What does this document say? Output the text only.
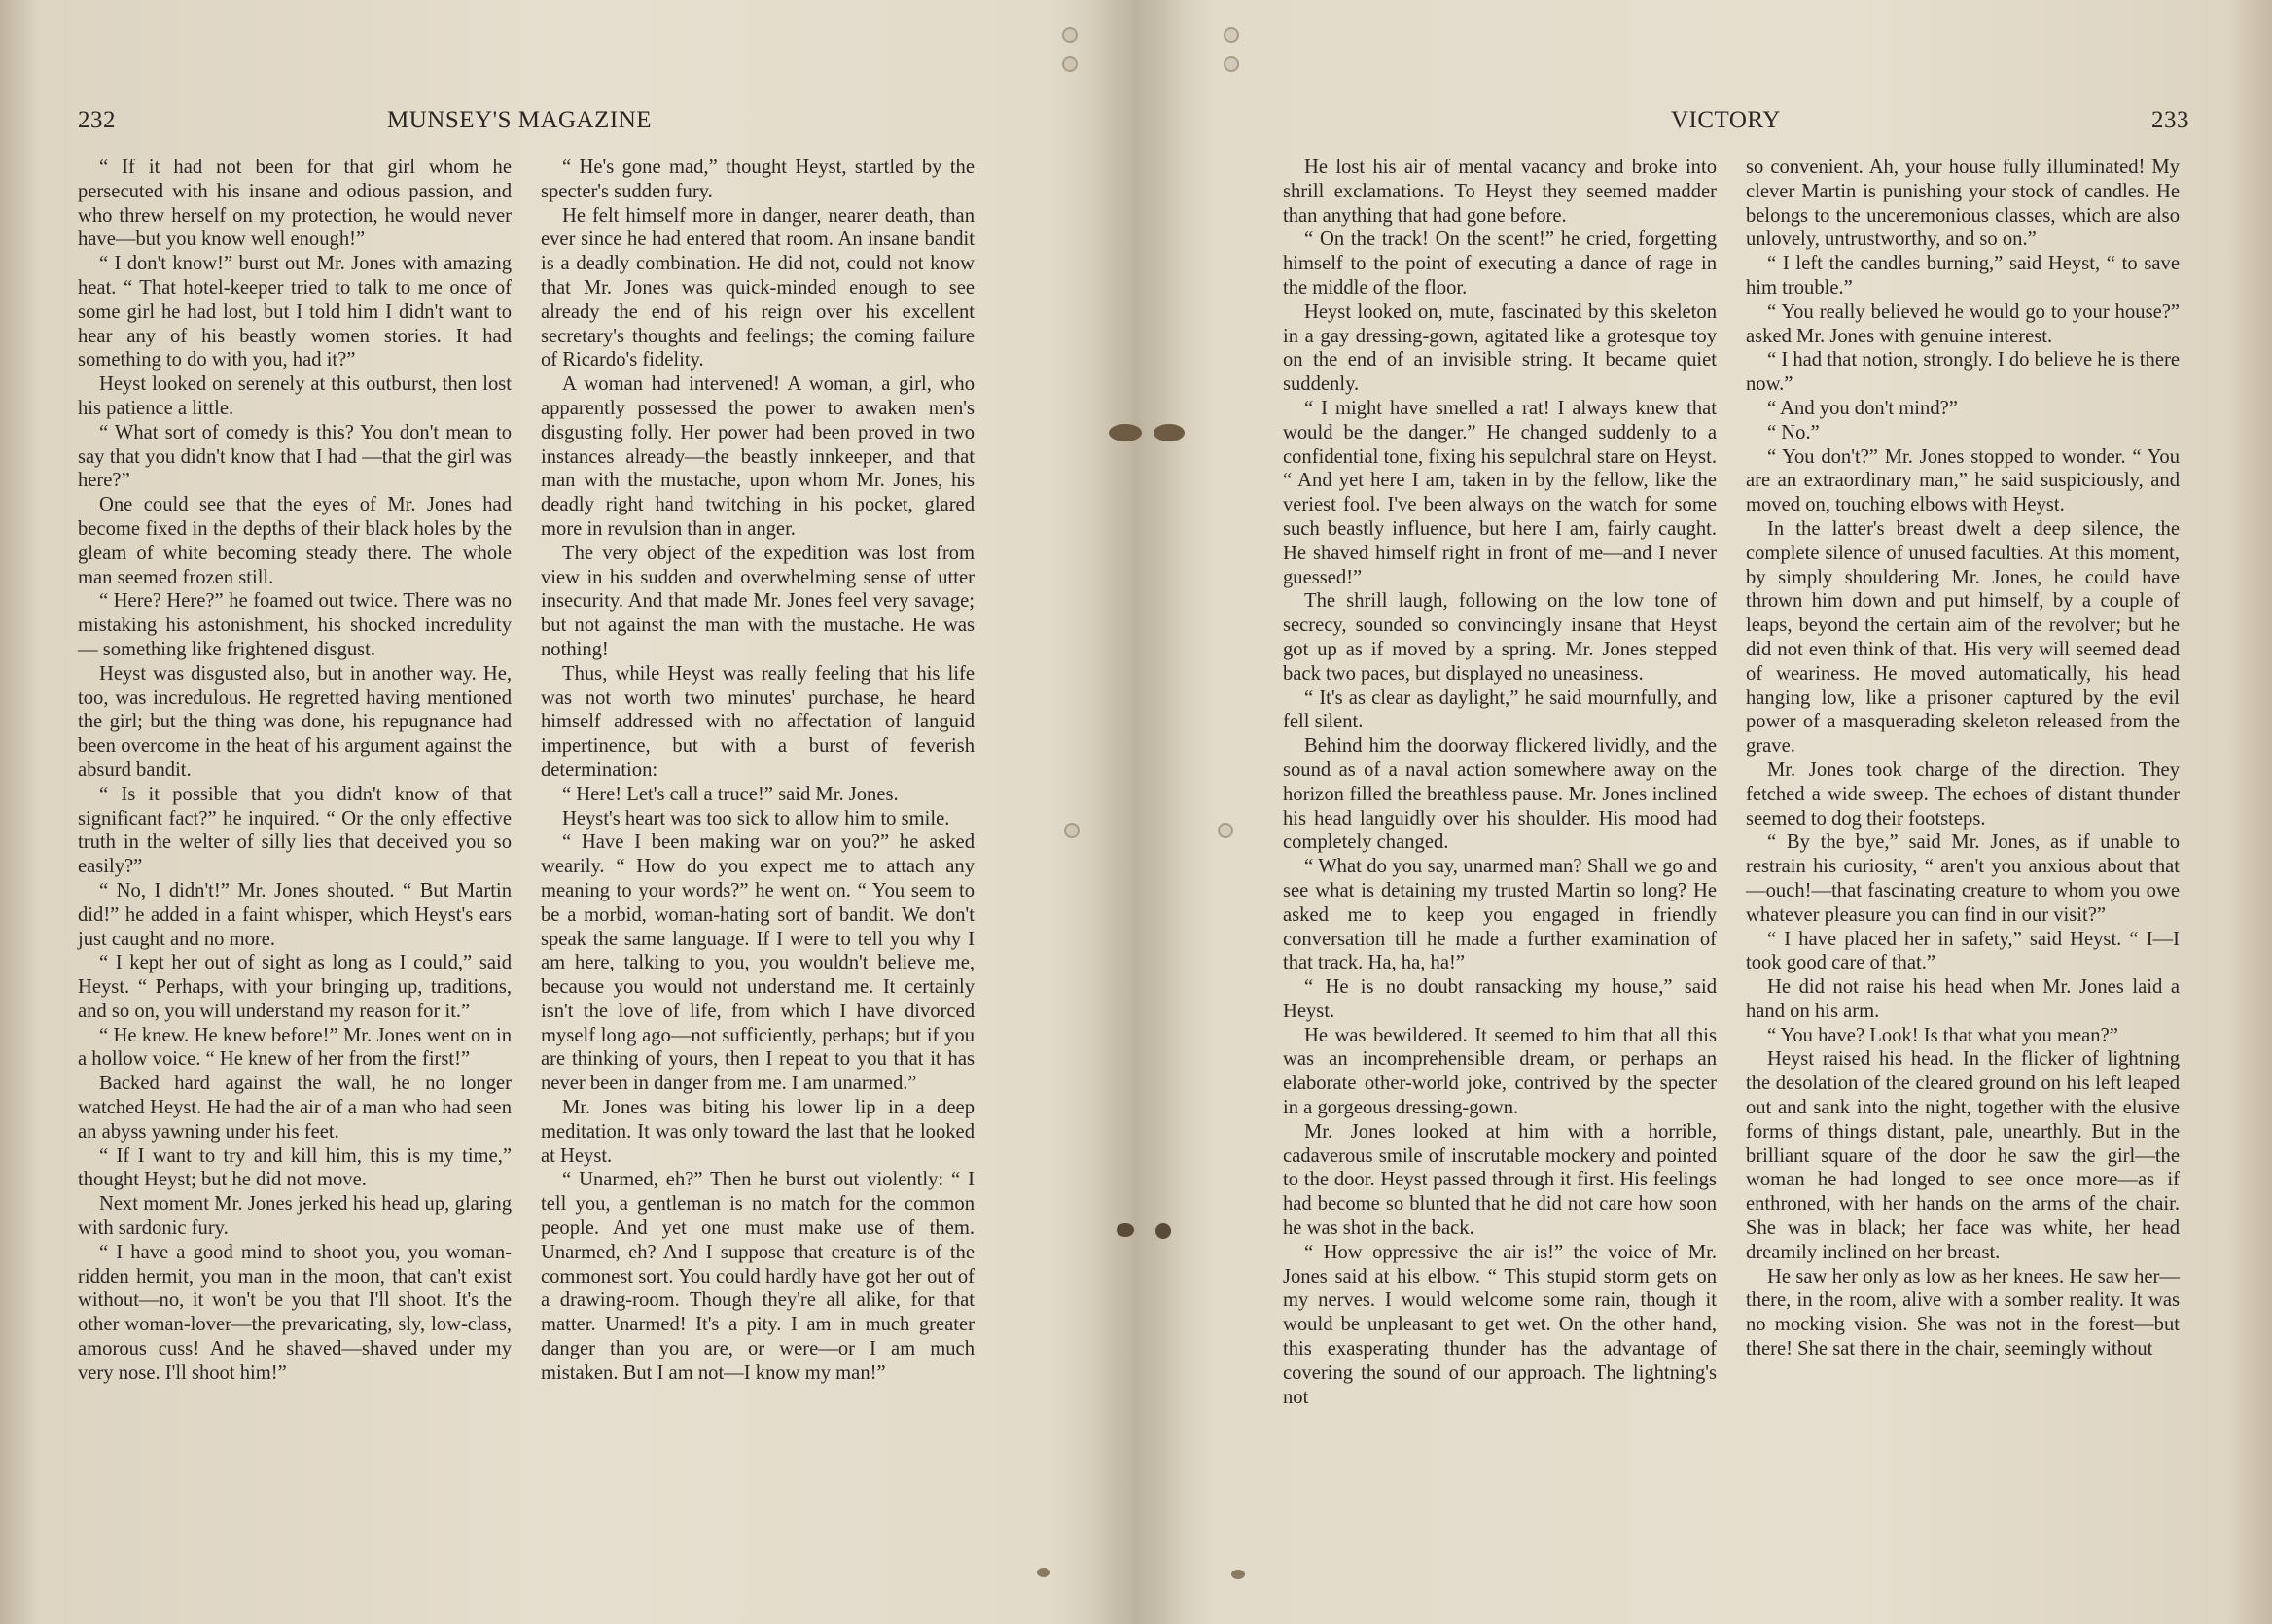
232	MUNSEY'S MAGAZINE

“ If it had not been for that girl whom he persecuted with his insane and odious passion, and who threw herself on my protection, he would never have—but you know well enough!”

“ I don't know!” burst out Mr. Jones with amazing heat. “ That hotel-keeper tried to talk to me once of some girl he had lost, but I told him I didn't want to hear any of his beastly women stories. It had something to do with you, had it?”

Heyst looked on serenely at this outburst, then lost his patience a little.

“ What sort of comedy is this? You don't mean to say that you didn't know that I had —that the girl was here?”

One could see that the eyes of Mr. Jones had become fixed in the depths of their black holes by the gleam of white becoming steady there. The whole man seemed frozen still.

“ Here? Here?” he foamed out twice. There was no mistaking his astonishment, his shocked incredulity — something like frightened disgust.

Heyst was disgusted also, but in another way. He, too, was incredulous. He regretted having mentioned the girl; but the thing was done, his repugnance had been overcome in the heat of his argument against the absurd bandit.

“ Is it possible that you didn't know of that significant fact?” he inquired. “ Or the only effective truth in the welter of silly lies that deceived you so easily?”

“ No, I didn't!” Mr. Jones shouted. “ But Martin did!” he added in a faint whisper, which Heyst's ears just caught and no more.

“ I kept her out of sight as long as I could,” said Heyst. “ Perhaps, with your bringing up, traditions, and so on, you will understand my reason for it.”

“ He knew. He knew before!” Mr. Jones went on in a hollow voice. “ He knew of her from the first!”

Backed hard against the wall, he no longer watched Heyst. He had the air of a man who had seen an abyss yawning under his feet.

“ If I want to try and kill him, this is my time,” thought Heyst; but he did not move.

Next moment Mr. Jones jerked his head up, glaring with sardonic fury.

“ I have a good mind to shoot you, you woman-ridden hermit, you man in the moon, that can't exist without—no, it won't be you that I'll shoot. It's the other woman-lover—the prevaricating, sly, low-class, amorous cuss! And he shaved—shaved under my very nose. I'll shoot him!”

“ He's gone mad,” thought Heyst, startled by the specter's sudden fury.

He felt himself more in danger, nearer death, than ever since he had entered that room. An insane bandit is a deadly combination. He did not, could not know that Mr. Jones was quick-minded enough to see already the end of his reign over his excellent secretary's thoughts and feelings; the coming failure of Ricardo's fidelity.

A woman had intervened! A woman, a girl, who apparently possessed the power to awaken men's disgusting folly. Her power had been proved in two instances already—the beastly innkeeper, and that man with the mustache, upon whom Mr. Jones, his deadly right hand twitching in his pocket, glared more in revulsion than in anger.

The very object of the expedition was lost from view in his sudden and overwhelming sense of utter insecurity. And that made Mr. Jones feel very savage; but not against the man with the mustache. He was nothing!

Thus, while Heyst was really feeling that his life was not worth two minutes' purchase, he heard himself addressed with no affectation of languid impertinence, but with a burst of feverish determination:

“ Here! Let's call a truce!” said Mr. Jones.

Heyst's heart was too sick to allow him to smile.

“ Have I been making war on you?” he asked wearily. “ How do you expect me to attach any meaning to your words?” he went on. “ You seem to be a morbid, woman-hating sort of bandit. We don't speak the same language. If I were to tell you why I am here, talking to you, you wouldn't believe me, because you would not understand me. It certainly isn't the love of life, from which I have divorced myself long ago—not sufficiently, perhaps; but if you are thinking of yours, then I repeat to you that it has never been in danger from me. I am unarmed.”

Mr. Jones was biting his lower lip in a deep meditation. It was only toward the last that he looked at Heyst.

“ Unarmed, eh?” Then he burst out violently: “ I tell you, a gentleman is no match for the common people. And yet one must make use of them. Unarmed, eh? And I suppose that creature is of the commonest sort. You could hardly have got her out of a drawing-room. Though they're all alike, for that matter. Unarmed! It's a pity. I am in much greater danger than you are, or were—or I am much mistaken. But I am not—I know my man!”

VICTORY	233

He lost his air of mental vacancy and broke into shrill exclamations. To Heyst they seemed madder than anything that had gone before.

“ On the track! On the scent!” he cried, forgetting himself to the point of executing a dance of rage in the middle of the floor.

Heyst looked on, mute, fascinated by this skeleton in a gay dressing-gown, agitated like a grotesque toy on the end of an invisible string. It became quiet suddenly.

“ I might have smelled a rat! I always knew that would be the danger.” He changed suddenly to a confidential tone, fixing his sepulchral stare on Heyst. “ And yet here I am, taken in by the fellow, like the veriest fool. I've been always on the watch for some such beastly influence, but here I am, fairly caught. He shaved himself right in front of me—and I never guessed!”

The shrill laugh, following on the low tone of secrecy, sounded so convincingly insane that Heyst got up as if moved by a spring. Mr. Jones stepped back two paces, but displayed no uneasiness.

“ It's as clear as daylight,” he said mournfully, and fell silent.

Behind him the doorway flickered lividly, and the sound as of a naval action somewhere away on the horizon filled the breathless pause. Mr. Jones inclined his head languidly over his shoulder. His mood had completely changed.

“ What do you say, unarmed man? Shall we go and see what is detaining my trusted Martin so long? He asked me to keep you engaged in friendly conversation till he made a further examination of that track. Ha, ha, ha!”

“ He is no doubt ransacking my house,” said Heyst.

He was bewildered. It seemed to him that all this was an incomprehensible dream, or perhaps an elaborate other-world joke, contrived by the specter in a gorgeous dressing-gown.

Mr. Jones looked at him with a horrible, cadaverous smile of inscrutable mockery and pointed to the door. Heyst passed through it first. His feelings had become so blunted that he did not care how soon he was shot in the back.

“ How oppressive the air is!” the voice of Mr. Jones said at his elbow. “ This stupid storm gets on my nerves. I would welcome some rain, though it would be unpleasant to get wet. On the other hand, this exasperating thunder has the advantage of covering the sound of our approach. The lightning's not

so convenient. Ah, your house fully illuminated! My clever Martin is punishing your stock of candles. He belongs to the unceremonious classes, which are also unlovely, untrustworthy, and so on.”

“ I left the candles burning,” said Heyst, “ to save him trouble.”

“ You really believed he would go to your house?” asked Mr. Jones with genuine interest.

“ I had that notion, strongly. I do believe he is there now.”

“ And you don't mind?”

“ No.”

“ You don't?” Mr. Jones stopped to wonder. “ You are an extraordinary man,” he said suspiciously, and moved on, touching elbows with Heyst.

In the latter's breast dwelt a deep silence, the complete silence of unused faculties. At this moment, by simply shouldering Mr. Jones, he could have thrown him down and put himself, by a couple of leaps, beyond the certain aim of the revolver; but he did not even think of that. His very will seemed dead of weariness. He moved automatically, his head hanging low, like a prisoner captured by the evil power of a masquerading skeleton released from the grave.

Mr. Jones took charge of the direction. They fetched a wide sweep. The echoes of distant thunder seemed to dog their footsteps.

“ By the bye,” said Mr. Jones, as if unable to restrain his curiosity, “ aren't you anxious about that—ouch!—that fascinating creature to whom you owe whatever pleasure you can find in our visit?”

“ I have placed her in safety,” said Heyst. “ I—I took good care of that.”

He did not raise his head when Mr. Jones laid a hand on his arm.

“ You have? Look! Is that what you mean?”

Heyst raised his head. In the flicker of lightning the desolation of the cleared ground on his left leaped out and sank into the night, together with the elusive forms of things distant, pale, unearthly. But in the brilliant square of the door he saw the girl—the woman he had longed to see once more—as if enthroned, with her hands on the arms of the chair. She was in black; her face was white, her head dreamily inclined on her breast.

He saw her only as low as her knees. He saw her—there, in the room, alive with a somber reality. It was no mocking vision. She was not in the forest—but there! She sat there in the chair, seemingly without
